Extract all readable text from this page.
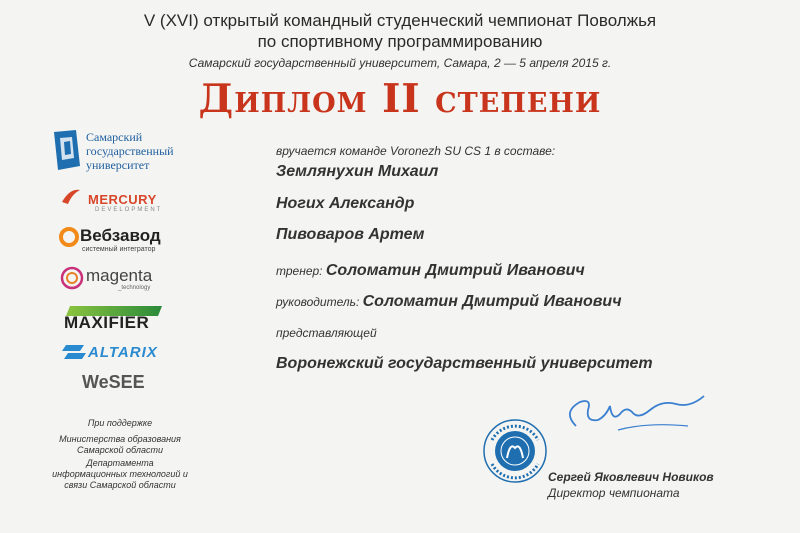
V (XVI) открытый командный студенческий чемпионат Поволжья
по спортивному программированию
Самарский государственный университет, Самара, 2 — 5 апреля 2015 г.
Диплом II степени
Самарский
государственный
университет
MERCURY
DEVELOPMENT
Вебзавод
системный интегратор
magenta
_technology
MAXIFIER
ALTARIX
WeSEE
При поддержке
Министерства образования Самарской области
Департамента информационных технологий и связи Самарской области
вручается команде Voronezh SU CS 1 в составе:
Землянухин Михаил
Ногих Александр
Пивоваров Артем
тренер: Соломатин Дмитрий Иванович
руководитель: Соломатин Дмитрий Иванович
представляющей
Воронежский государственный университет
Сергей Яковлевич Новиков
Директор чемпионата
